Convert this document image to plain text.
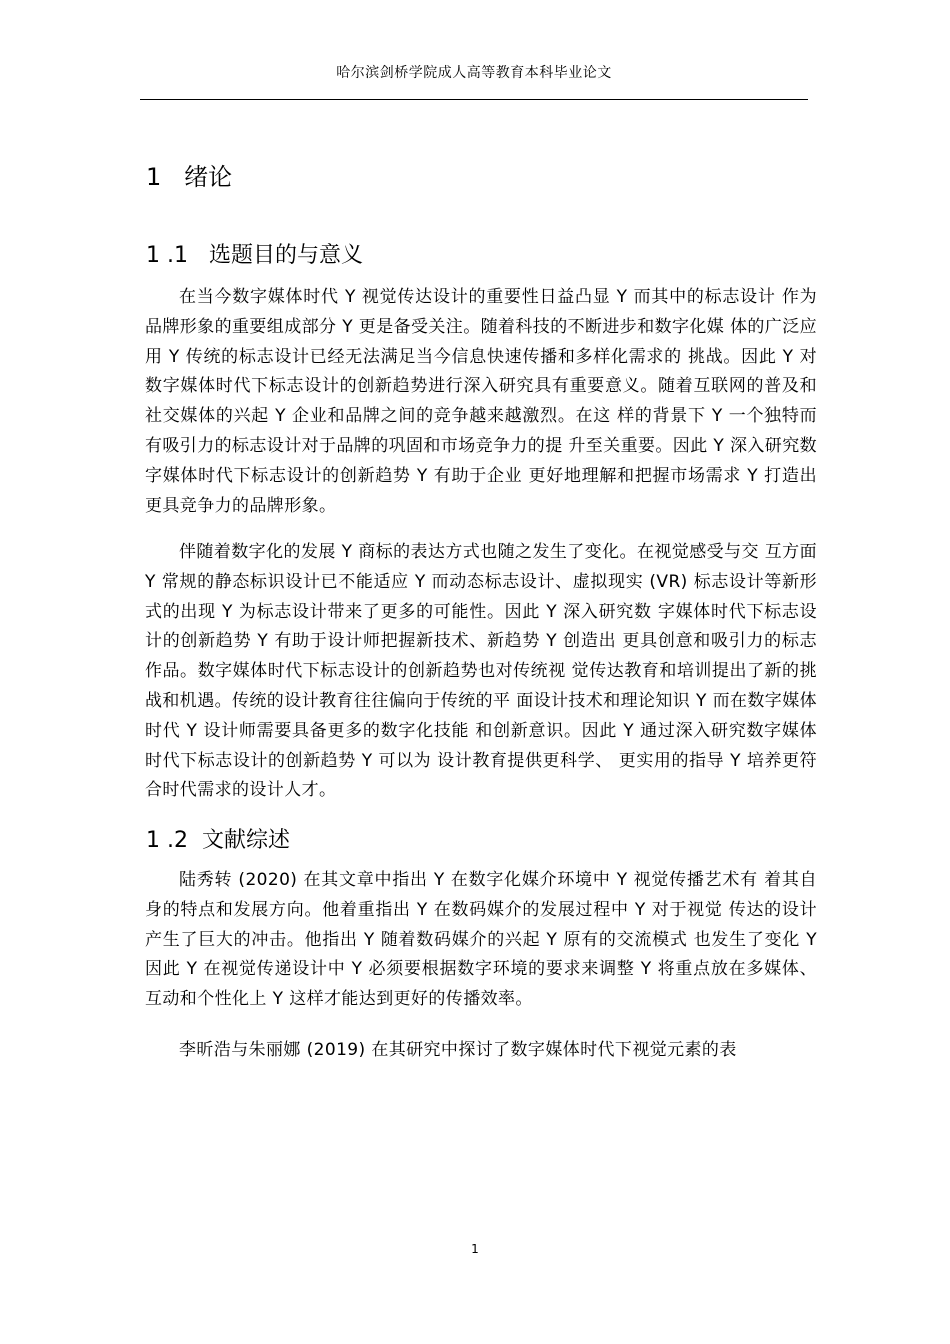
哈尔滨剑桥学院成人高等教育本科毕业论文
1   绪论
1 .1   选题目的与意义

在当今数字媒体时代 Y 视觉传达设计的重要性日益凸显 Y 而其中的标志设计 作为品牌形象的重要组成部分 Y 更是备受关注。随着科技的不断进步和数字化媒 体的广泛应用 Y 传统的标志设计已经无法满足当今信息快速传播和多样化需求的 挑战。因此 Y 对数字媒体时代下标志设计的创新趋势进行深入研究具有重要意义。随着互联网的普及和社交媒体的兴起 Y 企业和品牌之间的竞争越来越激烈。在这 样的背景下 Y 一个独特而有吸引力的标志设计对于品牌的巩固和市场竞争力的提 升至关重要。因此 Y 深入研究数字媒体时代下标志设计的创新趋势 Y 有助于企业 更好地理解和把握市场需求 Y 打造出更具竞争力的品牌形象。

伴随着数字化的发展 Y 商标的表达方式也随之发生了变化。在视觉感受与交 互方面 Y 常规的静态标识设计已不能适应 Y 而动态标志设计、虚拟现实 (VR) 标志设计等新形式的出现 Y 为标志设计带来了更多的可能性。因此 Y 深入研究数 字媒体时代下标志设计的创新趋势 Y 有助于设计师把握新技术、新趋势 Y 创造出 更具创意和吸引力的标志作品。数字媒体时代下标志设计的创新趋势也对传统视 觉传达教育和培训提出了新的挑战和机遇。传统的设计教育往往偏向于传统的平 面设计技术和理论知识 Y 而在数字媒体时代 Y 设计师需要具备更多的数字化技能 和创新意识。因此 Y 通过深入研究数字媒体时代下标志设计的创新趋势 Y 可以为 设计教育提供更科学、 更实用的指导 Y 培养更符合时代需求的设计人才。

1 .2  文献综述

陆秀转 (2020) 在其文章中指出 Y 在数字化媒介环境中 Y 视觉传播艺术有 着其自身的特点和发展方向。他着重指出 Y 在数码媒介的发展过程中 Y 对于视觉 传达的设计产生了巨大的冲击。他指出 Y 随着数码媒介的兴起 Y 原有的交流模式 也发生了变化 Y 因此 Y 在视觉传递设计中 Y 必须要根据数字环境的要求来调整 Y 将重点放在多媒体、 互动和个性化上 Y 这样才能达到更好的传播效率。

李昕浩与朱丽娜 (2019) 在其研究中探讨了数字媒体时代下视觉元素的表

1
